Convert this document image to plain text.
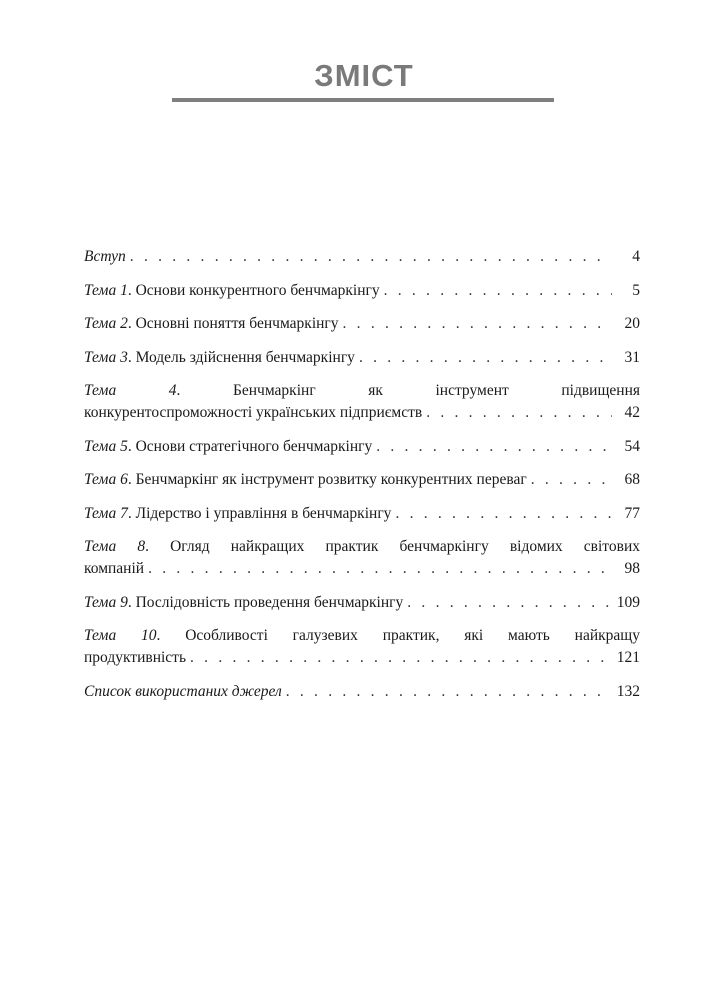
ЗМІСТ
Вступ . . .	4
Тема 1 . Основи конкурентного бенчмаркінгу . . .	5
Тема 2 . Основні поняття бенчмаркінгу . . .	20
Тема 3 . Модель здійснення бенчмаркінгу . . .	31
Тема 4. Бенчмаркінг як інструмент підвищення
конкурентоспроможності українських підприємств . . .	42
Тема 5 . Основи стратегічного бенчмаркінгу . . .	54
Тема 6 . Бенчмаркінг як інструмент розвитку конкурентних переваг . . .	68
Тема 7 . Лідерство і управління в бенчмаркінгу . . .	77
Тема 8. Огляд найкращих практик бенчмаркінгу відомих світових
компаній . . .	98
Тема 9 . Послідовність проведення бенчмаркінгу . . .	109
Тема 10. Особливості галузевих практик, які мають найкращу
продуктивність . . .	121
Список використаних джерел . . .	132
